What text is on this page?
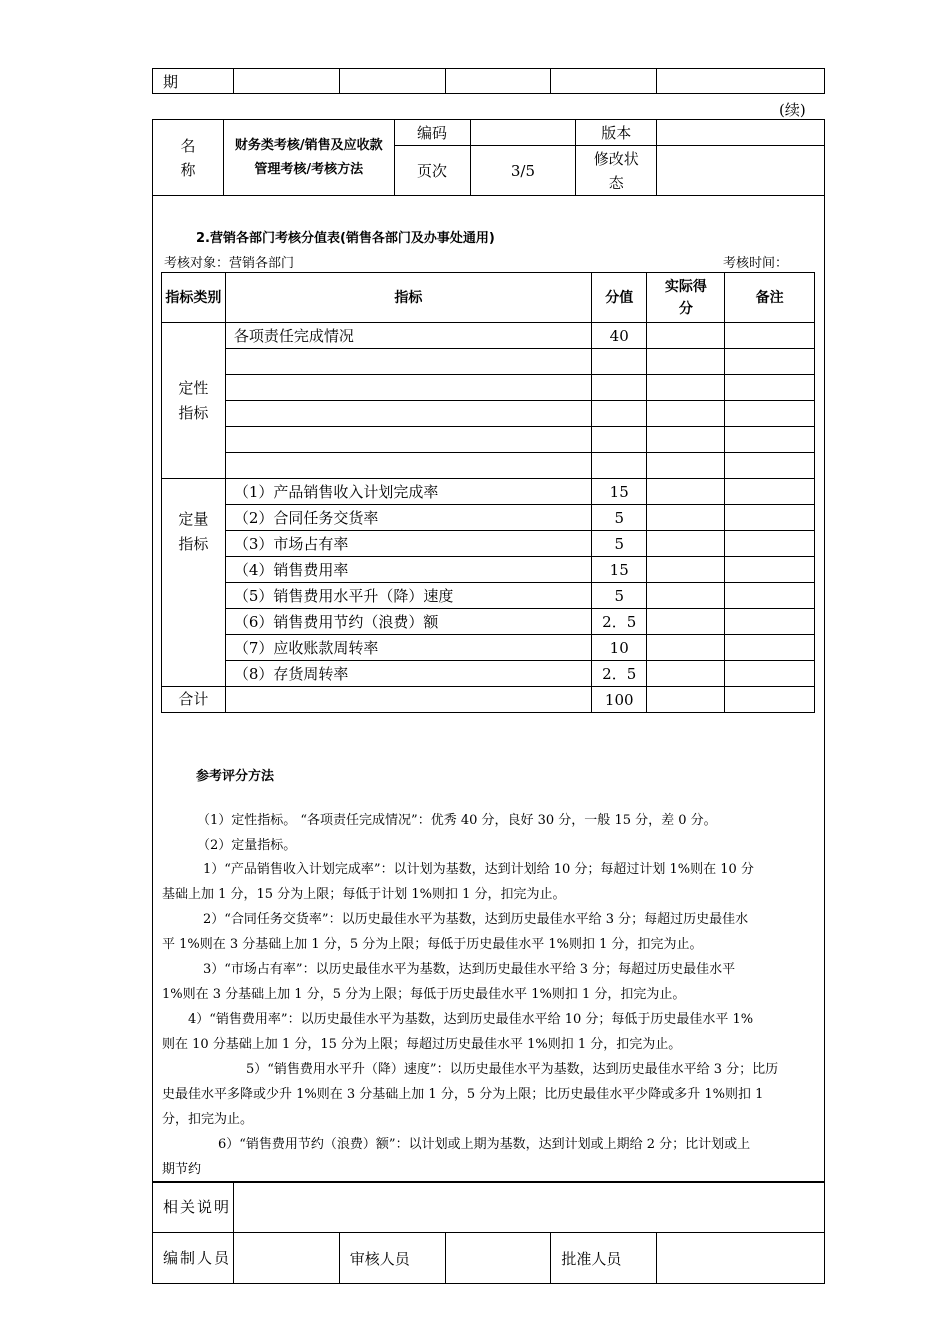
期					
(续)
名
称	财务类考核/销售及应收款管理考核/考核方法	编码		版本	
		页次	3/5	修改状态	
2.营销各部门考核分值表(销售各部门及办事处通用)
考核对象：营销各部门	考核时间：
指标类别	指标	分值	实际得分	备注
定性指标	各项责任完成情况	40		

定量指标	（1）产品销售收入计划完成率	15		
	（2）合同任务交货率	5		
	（3）市场占有率	5		
	（4）销售费用率	15		
	（5）销售费用水平升（降）速度	5		
	（6）销售费用节约（浪费）额	2．5		
	（7）应收账款周转率	10		
	（8）存货周转率	2．5		
合计		100		
参考评分方法
（1）定性指标。 “各项责任完成情况”：优秀 40 分，良好 30 分，一般 15 分，差 0 分。
（2）定量指标。
1）“产品销售收入计划完成率”：以计划为基数，达到计划给 10 分；每超过计划 1%则在 10 分
基础上加 1 分，15 分为上限；每低于计划 1%则扣 1 分，扣完为止。
2）“合同任务交货率”：以历史最佳水平为基数，达到历史最佳水平给 3 分；每超过历史最佳水
平 1%则在 3 分基础上加 1 分，5 分为上限；每低于历史最佳水平 1%则扣 1 分，扣完为止。
3）“市场占有率”：以历史最佳水平为基数，达到历史最佳水平给 3 分；每超过历史最佳水平
1%则在 3 分基础上加 1 分，5 分为上限；每低于历史最佳水平 1%则扣 1 分，扣完为止。
4）“销售费用率”：以历史最佳水平为基数，达到历史最佳水平给 10 分；每低于历史最佳水平 1%
则在 10 分基础上加 1 分，15 分为上限；每超过历史最佳水平 1%则扣 1 分，扣完为止。
5）“销售费用水平升（降）速度”：以历史最佳水平为基数，达到历史最佳水平给 3 分；比历
史最佳水平多降或少升 1%则在 3 分基础上加 1 分，5 分为上限；比历史最佳水平少降或多升 1%则扣 1
分，扣完为止。
6）“销售费用节约（浪费）额”：以计划或上期为基数，达到计划或上期给 2 分；比计划或上
期节约
相关说明					
编制人员		审核人员		批准人员	
